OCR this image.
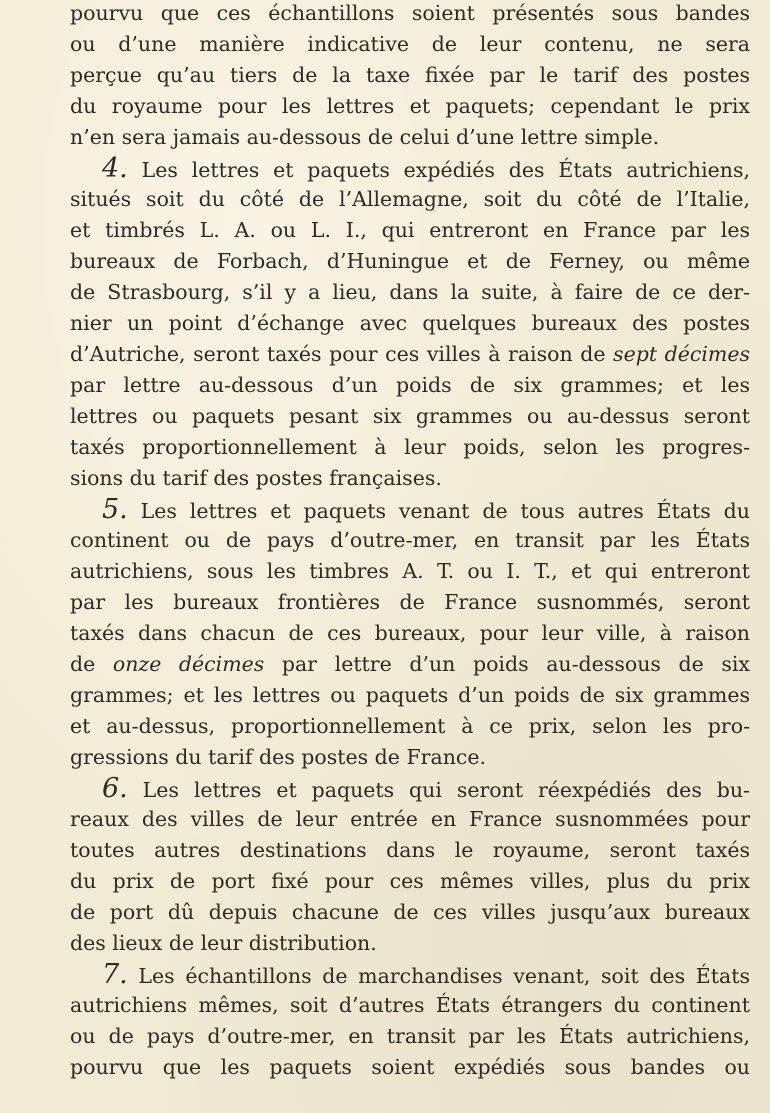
pourvu que ces échantillons soient présentés sous bandes
ou d’une manière indicative de leur contenu, ne sera
perçue qu’au tiers de la taxe fixée par le tarif des postes
du royaume pour les lettres et paquets; cependant le prix
n’en sera jamais au-dessous de celui d’une lettre simple.
4. Les lettres et paquets expédiés des États autrichiens,
situés soit du côté de l’Allemagne, soit du côté de l’Italie,
et timbrés L. A. ou L. I., qui entreront en France par les
bureaux de Forbach, d’Huningue et de Ferney, ou même
de Strasbourg, s’il y a lieu, dans la suite, à faire de ce der-
nier un point d’échange avec quelques bureaux des postes
d’Autriche, seront taxés pour ces villes à raison de sept décimes
par lettre au-dessous d’un poids de six grammes; et les
lettres ou paquets pesant six grammes ou au-dessus seront
taxés proportionnellement à leur poids, selon les progres-
sions du tarif des postes françaises.
5. Les lettres et paquets venant de tous autres États du
continent ou de pays d’outre-mer, en transit par les États
autrichiens, sous les timbres A. T. ou I. T., et qui entreront
par les bureaux frontières de France susnommés, seront
taxés dans chacun de ces bureaux, pour leur ville, à raison
de onze décimes par lettre d’un poids au-dessous de six
grammes; et les lettres ou paquets d’un poids de six grammes
et au-dessus, proportionnellement à ce prix, selon les pro-
gressions du tarif des postes de France.
6. Les lettres et paquets qui seront réexpédiés des bu-
reaux des villes de leur entrée en France susnommées pour
toutes autres destinations dans le royaume, seront taxés
du prix de port fixé pour ces mêmes villes, plus du prix
de port dû depuis chacune de ces villes jusqu’aux bureaux
des lieux de leur distribution.
7. Les échantillons de marchandises venant, soit des États
autrichiens mêmes, soit d’autres États étrangers du continent
ou de pays d’outre-mer, en transit par les États autrichiens,
pourvu que les paquets soient expédiés sous bandes ou
